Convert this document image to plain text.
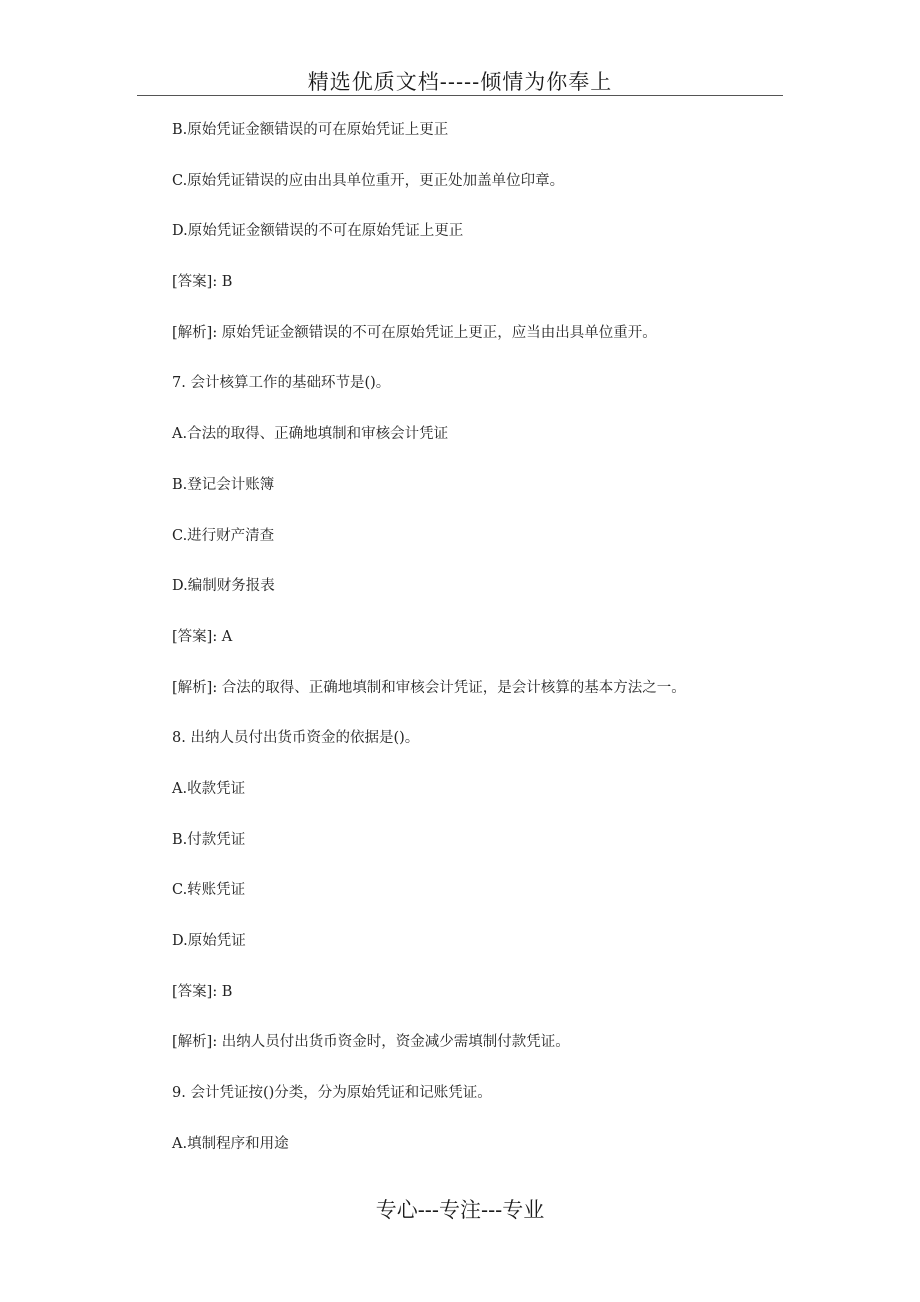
精选优质文档-----倾情为你奉上
B.原始凭证金额错误的可在原始凭证上更正
C.原始凭证错误的应由出具单位重开，更正处加盖单位印章。
D.原始凭证金额错误的不可在原始凭证上更正
[答案]: B
[解析]: 原始凭证金额错误的不可在原始凭证上更正，应当由出具单位重开。
7. 会计核算工作的基础环节是()。
A.合法的取得、正确地填制和审核会计凭证
B.登记会计账簿
C.进行财产清查
D.编制财务报表
[答案]: A
[解析]: 合法的取得、正确地填制和审核会计凭证，是会计核算的基本方法之一。
8. 出纳人员付出货币资金的依据是()。
A.收款凭证
B.付款凭证
C.转账凭证
D.原始凭证
[答案]: B
[解析]: 出纳人员付出货币资金时，资金减少需填制付款凭证。
9. 会计凭证按()分类，分为原始凭证和记账凭证。
A.填制程序和用途
专心---专注---专业
